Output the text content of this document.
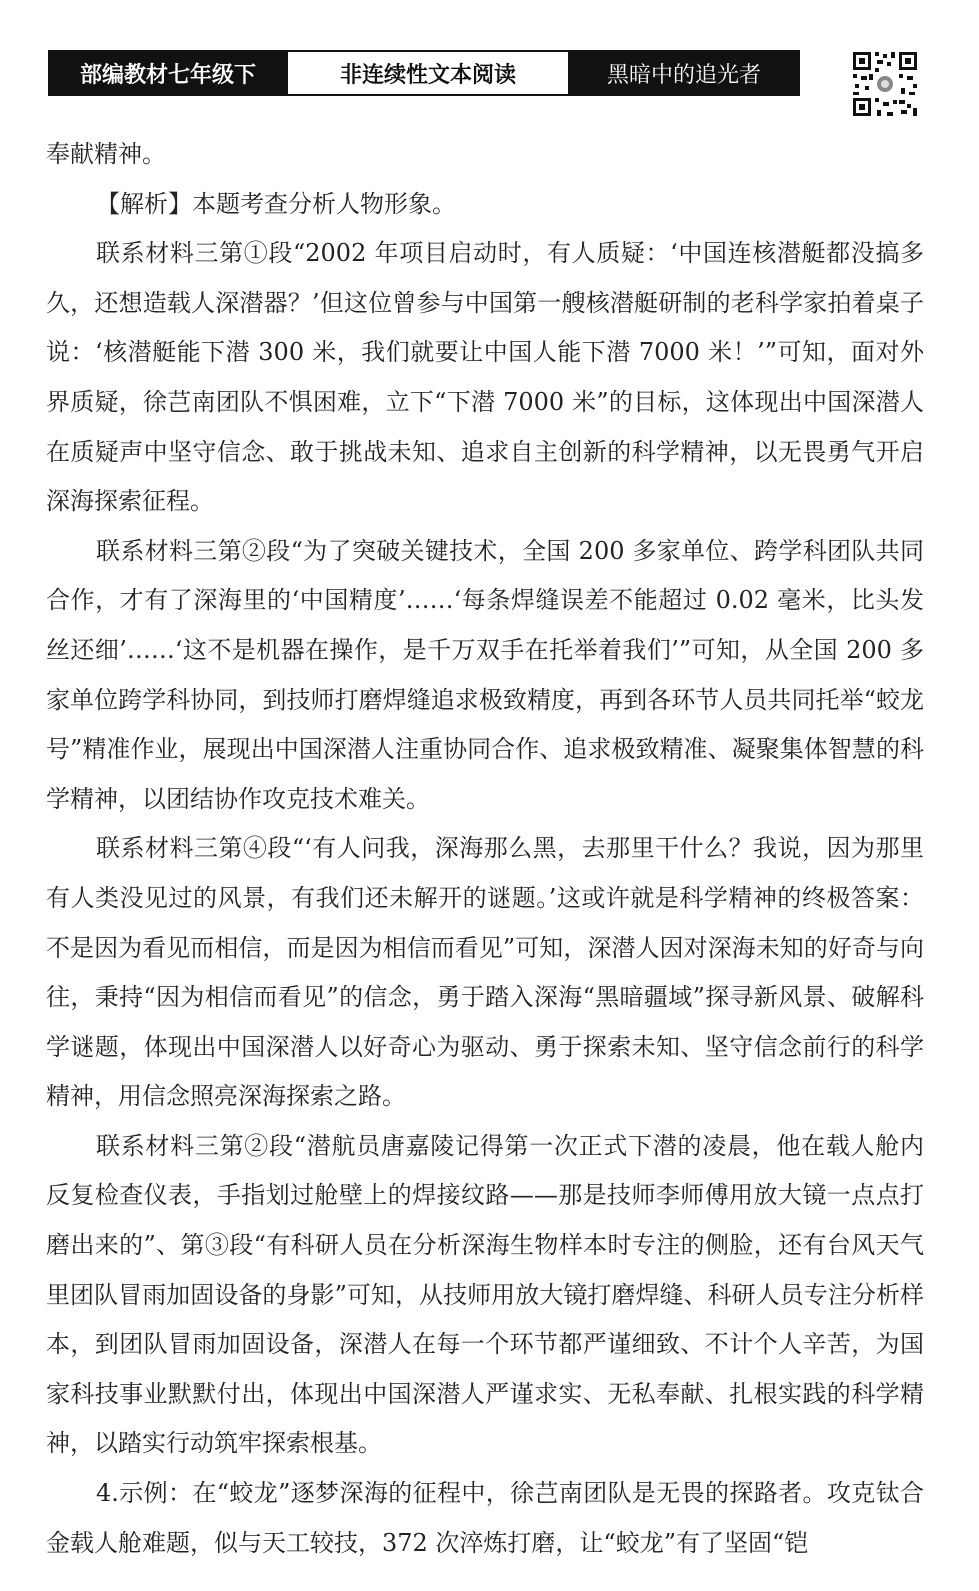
部编教材七年级下	非连续性文本阅读	黑暗中的追光者

奉献精神。

【解析】本题考查分析人物形象。

联系材料三第①段“2002 年项目启动时，有人质疑：‘中国连核潜艇都没搞多久，还想造载人深潜器？’但这位曾参与中国第一艘核潜艇研制的老科学家拍着桌子说：‘核潜艇能下潜 300 米，我们就要让中国人能下潜 7000 米！’”可知，面对外界质疑，徐芑南团队不惧困难，立下“下潜 7000 米”的目标，这体现出中国深潜人在质疑声中坚守信念、敢于挑战未知、追求自主创新的科学精神，以无畏勇气开启深海探索征程。

联系材料三第②段“为了突破关键技术，全国 200 多家单位、跨学科团队共同合作，才有了深海里的‘中国精度’……‘每条焊缝误差不能超过 0.02 毫米，比头发丝还细’……‘这不是机器在操作，是千万双手在托举着我们’”可知，从全国 200 多家单位跨学科协同，到技师打磨焊缝追求极致精度，再到各环节人员共同托举“蛟龙号”精准作业，展现出中国深潜人注重协同合作、追求极致精准、凝聚集体智慧的科学精神，以团结协作攻克技术难关。

联系材料三第④段“‘有人问我，深海那么黑，去那里干什么？我说，因为那里有人类没见过的风景，有我们还未解开的谜题。’这或许就是科学精神的终极答案：不是因为看见而相信，而是因为相信而看见”可知，深潜人因对深海未知的好奇与向往，秉持“因为相信而看见”的信念，勇于踏入深海“黑暗疆域”探寻新风景、破解科学谜题，体现出中国深潜人以好奇心为驱动、勇于探索未知、坚守信念前行的科学精神，用信念照亮深海探索之路。

联系材料三第②段“潜航员唐嘉陵记得第一次正式下潜的凌晨，他在载人舱内反复检查仪表，手指划过舱壁上的焊接纹路——那是技师李师傅用放大镜一点点打磨出来的”、第③段“有科研人员在分析深海生物样本时专注的侧脸，还有台风天气里团队冒雨加固设备的身影”可知，从技师用放大镜打磨焊缝、科研人员专注分析样本，到团队冒雨加固设备，深潜人在每一个环节都严谨细致、不计个人辛苦，为国家科技事业默默付出，体现出中国深潜人严谨求实、无私奉献、扎根实践的科学精神，以踏实行动筑牢探索根基。

4.示例：在“蛟龙”逐梦深海的征程中，徐芑南团队是无畏的探路者。攻克钛合金载人舱难题，似与天工较技，372 次淬炼打磨，让“蛟龙”有了坚固“铠
